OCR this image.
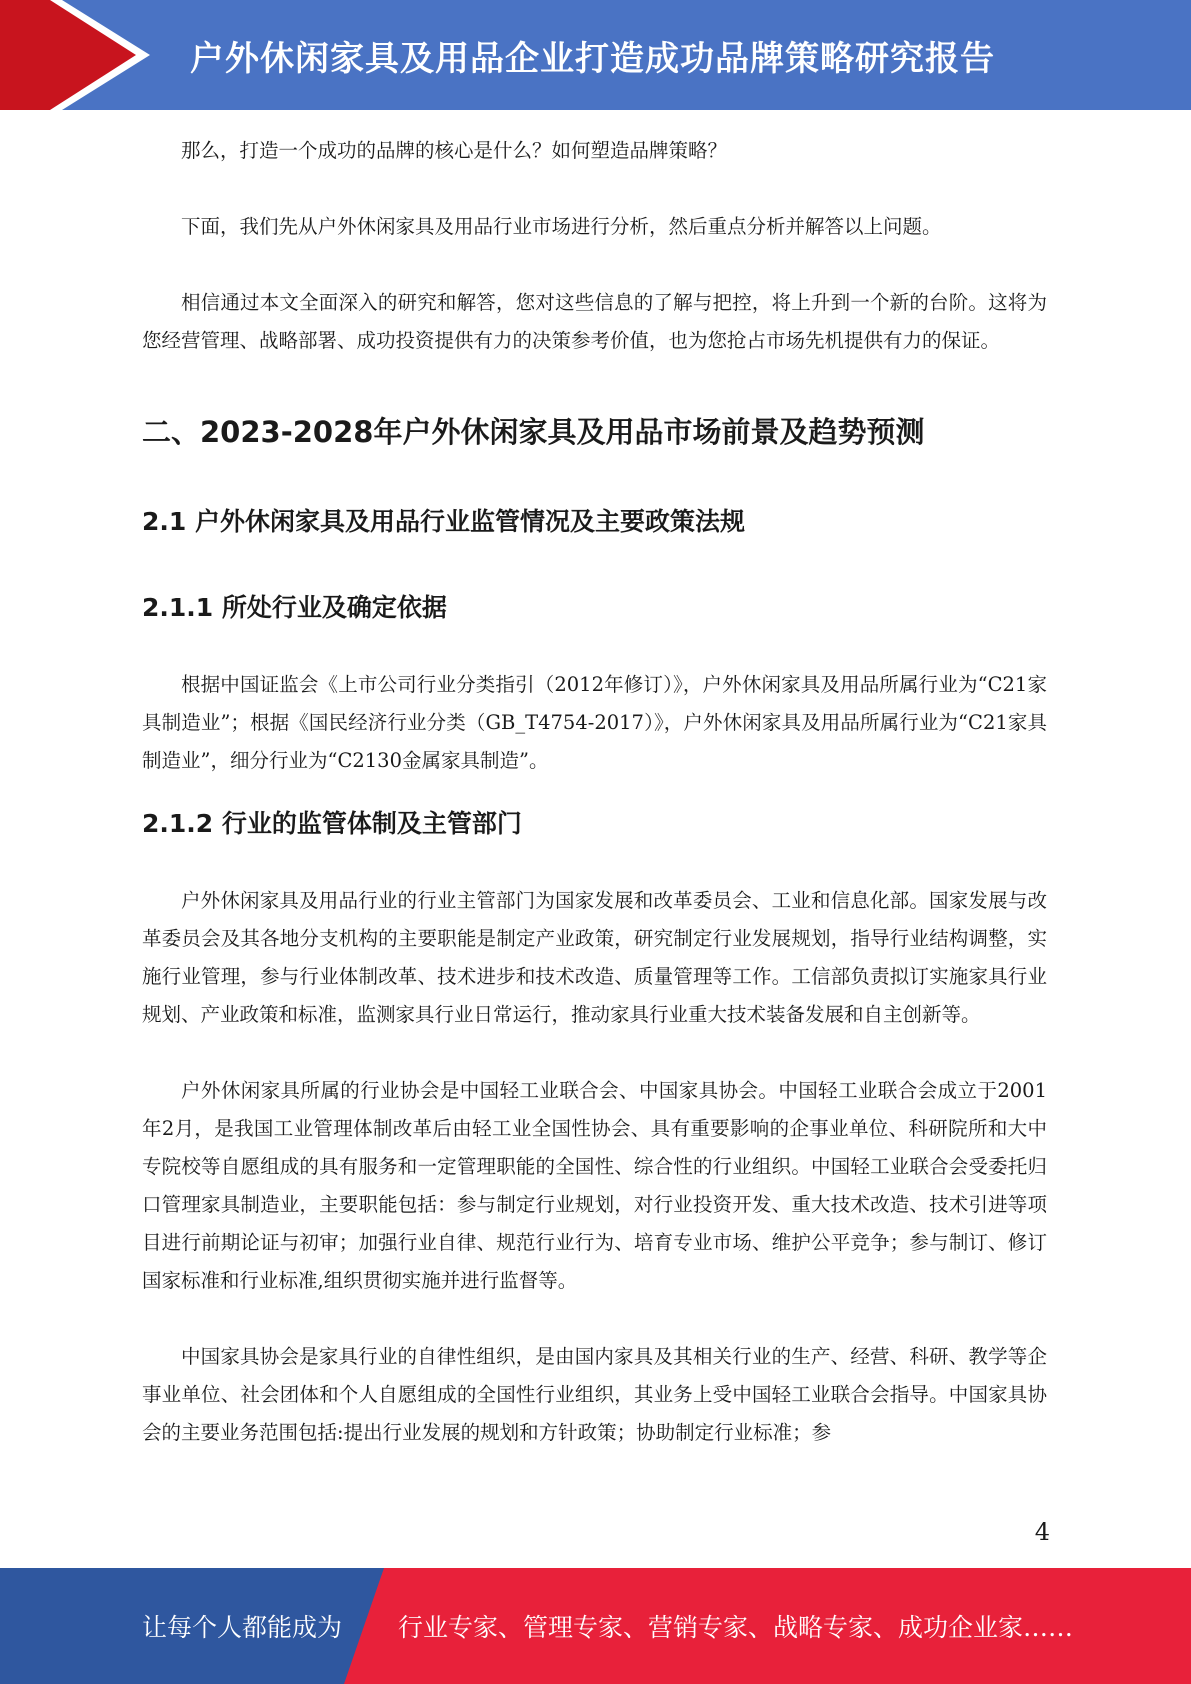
户外休闲家具及用品企业打造成功品牌策略研究报告

那么，打造一个成功的品牌的核心是什么？如何塑造品牌策略？

下面，我们先从户外休闲家具及用品行业市场进行分析，然后重点分析并解答以上问题。

相信通过本文全面深入的研究和解答，您对这些信息的了解与把控，将上升到一个新的台阶。这将为您经营管理、战略部署、成功投资提供有力的决策参考价值，也为您抢占市场先机提供有力的保证。

二、2023-2028年户外休闲家具及用品市场前景及趋势预测
2.1 户外休闲家具及用品行业监管情况及主要政策法规
2.1.1 所处行业及确定依据

根据中国证监会《上市公司行业分类指引（2012年修订）》，户外休闲家具及用品所属行业为“C21家具制造业”；根据《国民经济行业分类（GB_T4754-2017）》，户外休闲家具及用品所属行业为“C21家具制造业”，细分行业为“C2130金属家具制造”。

2.1.2 行业的监管体制及主管部门

户外休闲家具及用品行业的行业主管部门为国家发展和改革委员会、工业和信息化部。国家发展与改革委员会及其各地分支机构的主要职能是制定产业政策，研究制定行业发展规划，指导行业结构调整，实施行业管理，参与行业体制改革、技术进步和技术改造、质量管理等工作。工信部负责拟订实施家具行业规划、产业政策和标准，监测家具行业日常运行，推动家具行业重大技术装备发展和自主创新等。

户外休闲家具所属的行业协会是中国轻工业联合会、中国家具协会。中国轻工业联合会成立于2001年2月，是我国工业管理体制改革后由轻工业全国性协会、具有重要影响的企事业单位、科研院所和大中专院校等自愿组成的具有服务和一定管理职能的全国性、综合性的行业组织。中国轻工业联合会受委托归口管理家具制造业，主要职能包括：参与制定行业规划，对行业投资开发、重大技术改造、技术引进等项目进行前期论证与初审；加强行业自律、规范行业行为、培育专业市场、维护公平竞争；参与制订、修订国家标准和行业标准,组织贯彻实施并进行监督等。

中国家具协会是家具行业的自律性组织，是由国内家具及其相关行业的生产、经营、科研、教学等企事业单位、社会团体和个人自愿组成的全国性行业组织，其业务上受中国轻工业联合会指导。中国家具协会的主要业务范围包括:提出行业发展的规划和方针政策；协助制定行业标准；参

4
让每个人都能成为 行业专家、管理专家、营销专家、战略专家、成功企业家……
